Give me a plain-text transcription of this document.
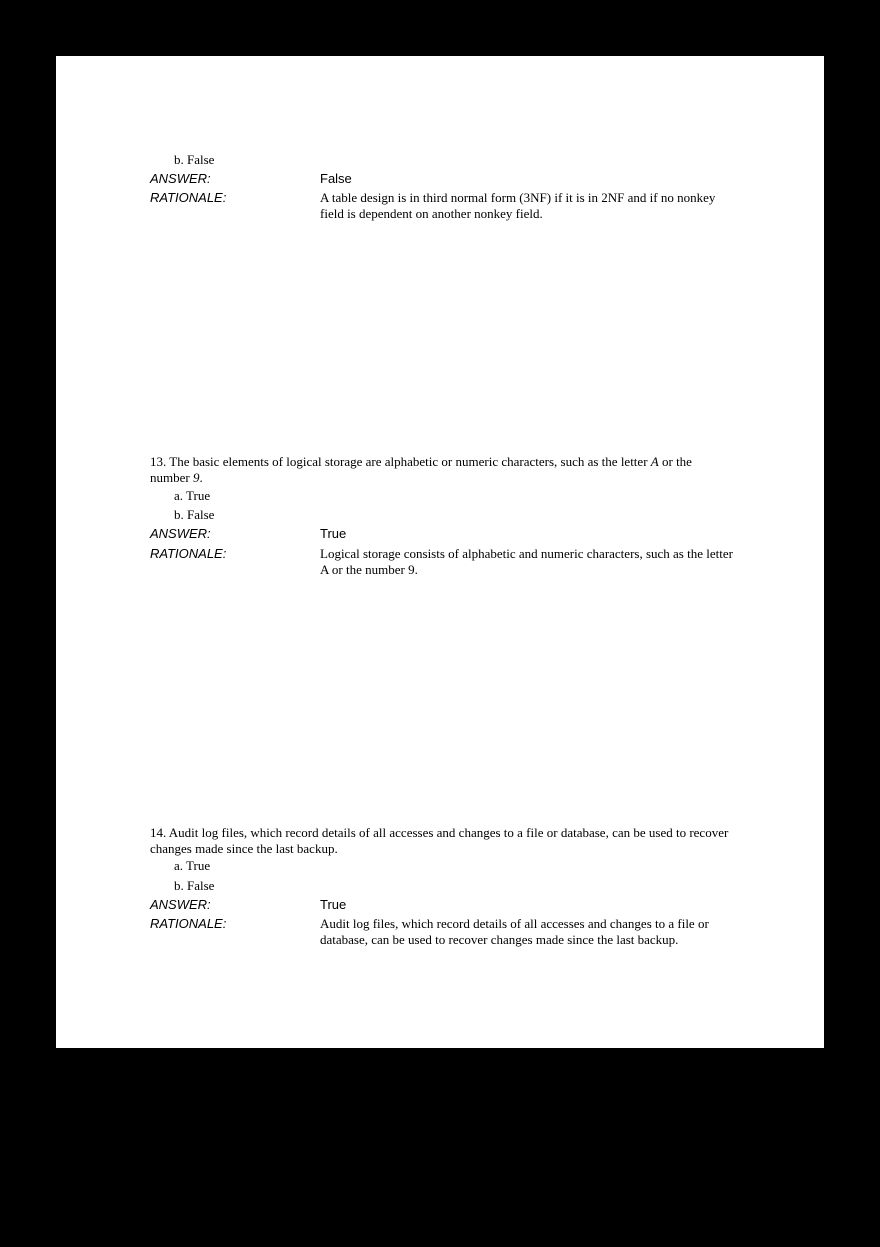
b. False
ANSWER:	False
RATIONALE:	A table design is in third normal form (3NF) if it is in 2NF and if no nonkey field is dependent on another nonkey field.
13. The basic elements of logical storage are alphabetic or numeric characters, such as the letter A or the number 9.
a. True
b. False
ANSWER:	True
RATIONALE:	Logical storage consists of alphabetic and numeric characters, such as the letter A or the number 9.
14. Audit log files, which record details of all accesses and changes to a file or database, can be used to recover changes made since the last backup.
a. True
b. False
ANSWER:	True
RATIONALE:	Audit log files, which record details of all accesses and changes to a file or database, can be used to recover changes made since the last backup.
